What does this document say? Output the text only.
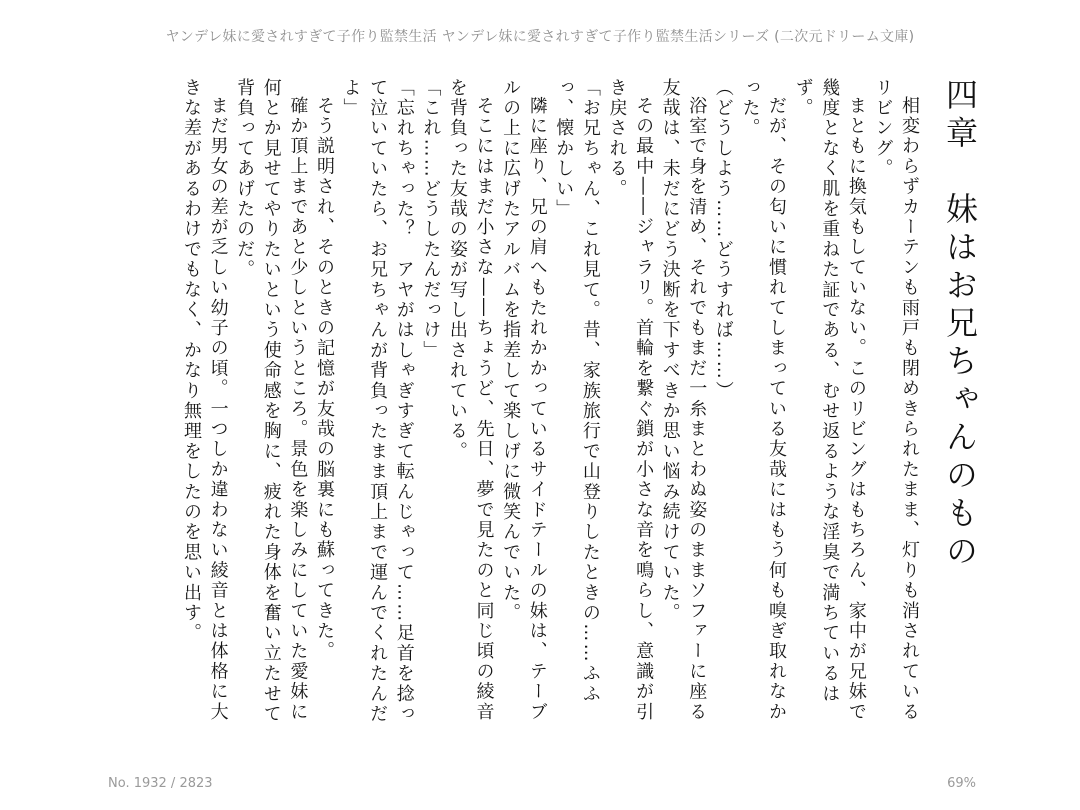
ヤンデレ妹に愛されすぎて子作り監禁生活 ヤンデレ妹に愛されすぎて子作り監禁生活シリーズ (二次元ドリーム文庫)
四章　妹はお兄ちゃんのもの

相変わらずカーテンも雨戸も閉めきられたまま、灯りも消されているリビング。

まともに換気もしていない。このリビングはもちろん、家中が兄妹で幾度となく肌を重ねた証である、むせ返るような淫臭で満ちているはず。

だが、その匂いに慣れてしまっている友哉にはもう何も嗅ぎ取れなかった。

（どうしよう……どうすれば……）

浴室で身を清め、それでもまだ一糸まとわぬ姿のままソファーに座る友哉は、未だにどう決断を下すべきか思い悩み続けていた。

その最中――ジャラリ。首輪を繋ぐ鎖が小さな音を鳴らし、意識が引き戻される。

「お兄ちゃん、これ見て。昔、家族旅行で山登りしたときの……ふふっ、懐かしい」

隣に座り、兄の肩へもたれかかっているサイドテールの妹は、テーブルの上に広げたアルバムを指差して楽しげに微笑んでいた。

そこにはまだ小さな――ちょうど、先日、夢で見たのと同じ頃の綾音を背負った友哉の姿が写し出されている。

「これ……どうしたんだっけ」

「忘れちゃった？　アヤがはしゃぎすぎて転んじゃって……足首を捻って泣いていたら、お兄ちゃんが背負ったまま頂上まで運んでくれたんだよ」

そう説明され、そのときの記憶が友哉の脳裏にも蘇ってきた。

確か頂上まであと少しというところ。景色を楽しみにしていた愛妹に何とか見せてやりたいという使命感を胸に、疲れた身体を奮い立たせて背負ってあげたのだ。

まだ男女の差が乏しい幼子の頃。一つしか違わない綾音とは体格に大きな差があるわけでもなく、かなり無理をしたのを思い出す。

No. 1932 / 2823	69%
